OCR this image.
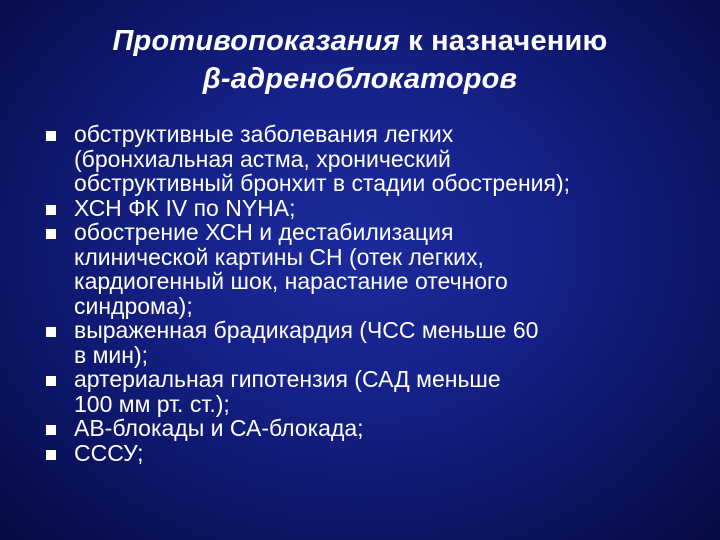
Противопоказания к назначению
β-адреноблокаторов
обструктивные заболевания легких
(бронхиальная астма, хронический
обструктивный бронхит в стадии обострения);
ХСН ФК IV по NYHA;
обострение ХСН и дестабилизация
клинической картины СН (отек легких,
кардиогенный шок, нарастание отечного
синдрома);
выраженная брадикардия (ЧСС меньше 60
в мин);
артериальная гипотензия (САД меньше
100 мм рт. ст.);
АВ-блокады и СА-блокада;
СССУ;
